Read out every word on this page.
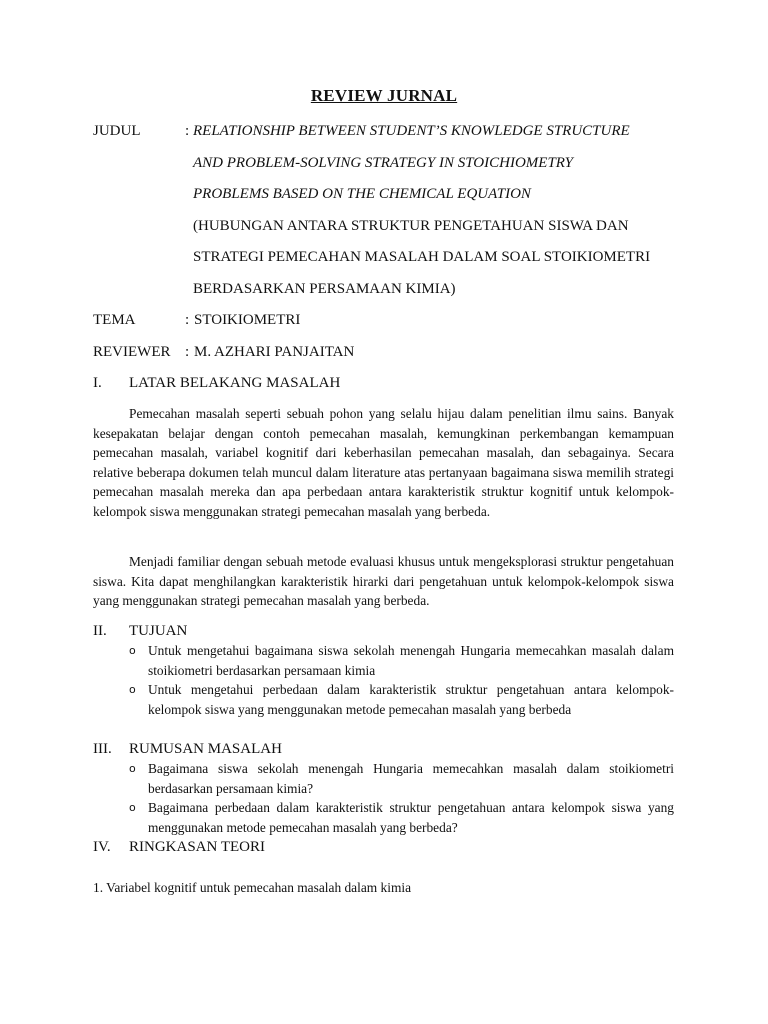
REVIEW JURNAL
JUDUL	: RELATIONSHIP BETWEEN STUDENT’S KNOWLEDGE STRUCTURE
AND PROBLEM-SOLVING STRATEGY IN STOICHIOMETRY
PROBLEMS BASED ON THE CHEMICAL EQUATION
(HUBUNGAN ANTARA STRUKTUR PENGETAHUAN SISWA DAN
STRATEGI PEMECAHAN MASALAH DALAM SOAL STOIKIOMETRI
BERDASARKAN PERSAMAAN KIMIA)
TEMA	: STOIKIOMETRI
REVIEWER : M. AZHARI PANJAITAN
I. LATAR BELAKANG MASALAH

Pemecahan masalah seperti sebuah pohon yang selalu hijau dalam penelitian ilmu sains. Banyak kesepakatan belajar dengan contoh pemecahan masalah, kemungkinan perkembangan kemampuan pemecahan masalah, variabel kognitif dari keberhasilan pemecahan masalah, dan sebagainya. Secara relative beberapa dokumen telah muncul dalam literature atas pertanyaan bagaimana siswa memilih strategi pemecahan masalah mereka dan apa perbedaan antara karakteristik struktur kognitif untuk kelompok-kelompok siswa menggunakan strategi pemecahan masalah yang berbeda.

Menjadi familiar dengan sebuah metode evaluasi khusus untuk mengeksplorasi struktur pengetahuan siswa. Kita dapat menghilangkan karakteristik hirarki dari pengetahuan untuk kelompok-kelompok siswa yang menggunakan strategi pemecahan masalah yang berbeda.

II. TUJUAN
o Untuk mengetahui bagaimana siswa sekolah menengah Hungaria memecahkan masalah dalam stoikiometri berdasarkan persamaan kimia
o Untuk mengetahui perbedaan dalam karakteristik struktur pengetahuan antara kelompok-kelompok siswa yang menggunakan metode pemecahan masalah yang berbeda
III. RUMUSAN MASALAH
o Bagaimana siswa sekolah menengah Hungaria memecahkan masalah dalam stoikiometri berdasarkan persamaan kimia?
o Bagaimana perbedaan dalam karakteristik struktur pengetahuan antara kelompok siswa yang menggunakan metode pemecahan masalah yang berbeda?
IV. RINGKASAN TEORI
1. Variabel kognitif untuk pemecahan masalah dalam kimia
